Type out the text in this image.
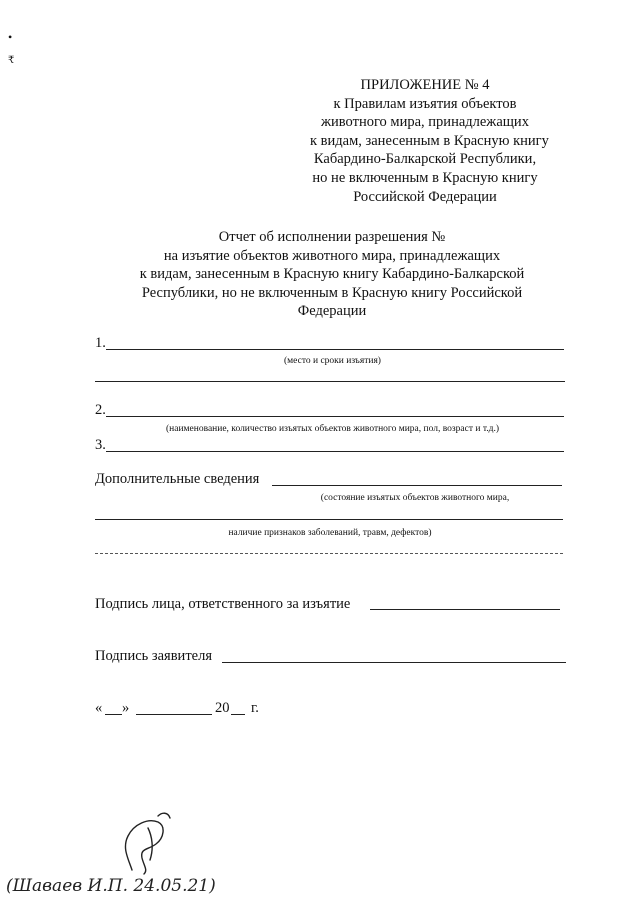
•
₹
ПРИЛОЖЕНИЕ № 4
к Правилам изъятия объектов
животного мира, принадлежащих
к видам, занесенным в Красную книгу
Кабардино-Балкарской Республики,
но не включенным в Красную книгу
Российской Федерации
Отчет об исполнении разрешения №
на изъятие объектов животного мира, принадлежащих
к видам, занесенным в Красную книгу Кабардино-Балкарской
Республики, но не включенным в Красную книгу Российской
Федерации
1.
(место и сроки изъятия)
2.
(наименование, количество изъятых объектов животного мира, пол, возраст и т.д.)
3.
Дополнительные сведения
(состояние изъятых объектов животного мира,
наличие признаков заболеваний, травм, дефектов)
Подпись лица, ответственного за изъятие
Подпись заявителя
« »	20 г.
(Шаваев И.П. 24.05.21)
